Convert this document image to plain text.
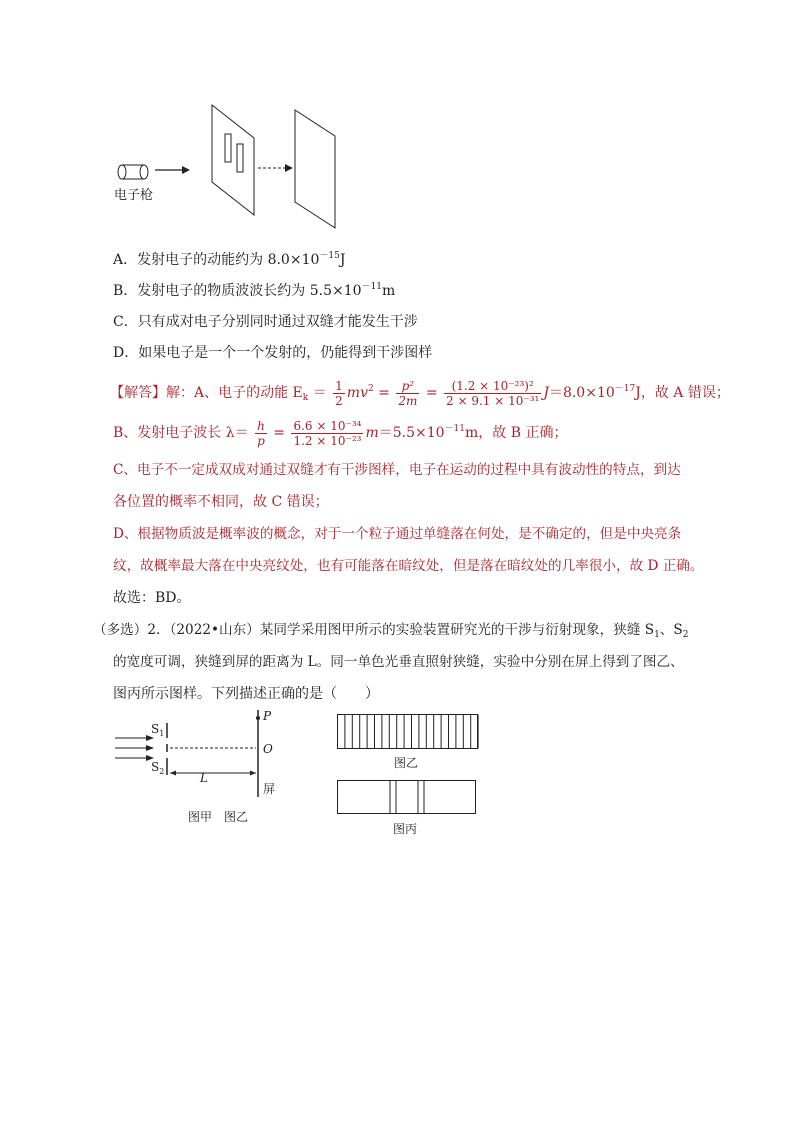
电子枪
A．发射电子的动能约为 $8.0\times 10^{-15}J$
B．发射电子的物质波波长约为 $5.5\times 10^{-11}m$
C．只有成对电子分别同时通过双缝才能发生干涉
D．如果电子是一个一个发射的，仍能得到干涉图样
【解答】解：A、电子的动能 $E_k = \frac{1}{2} mv^2 = \frac{\text{p²}}{2m} = \frac{\text{(1.2 × 10⁻²³)²}}{\text{2 × 9.1 × 10⁻³¹}} J=8.0\times 10^{-17}J$，故 A 错误；
B、发射电子波长 $\lambda= \frac{h}{p} = \frac{\text{6.6 × 10⁻³⁴}}{\text{1.2 × 10⁻²³}} m=5.5\times 10^{-11}m$，故 B 正确；
C、电子不一定成双成对通过双缝才有干涉图样，电子在运动的过程中具有波动性的特点，到达
各位置的概率不相同，故 C 错误；
D、根据物质波是概率波的概念，对于一个粒子通过单缝落在何处，是不确定的，但是中央亮条
纹，故概率最大落在中央亮纹处，也有可能落在暗纹处，但是落在暗纹处的几率很小，故 D 正确。
故选：BD。
（多选）2．（2022•山东）某同学采用图甲所示的实验装置研究光的干涉与衍射现象，狭缝 $S_1$、$S_2$
的宽度可调，狭缝到屏的距离为 L。同一单色光垂直照射狭缝，实验中分别在屏上得到了图乙、
图丙所示图样。下列描述正确的是（　　）
$S_1$
$S_2$
P
O
L
屏
图甲　图乙
图乙
图丙
